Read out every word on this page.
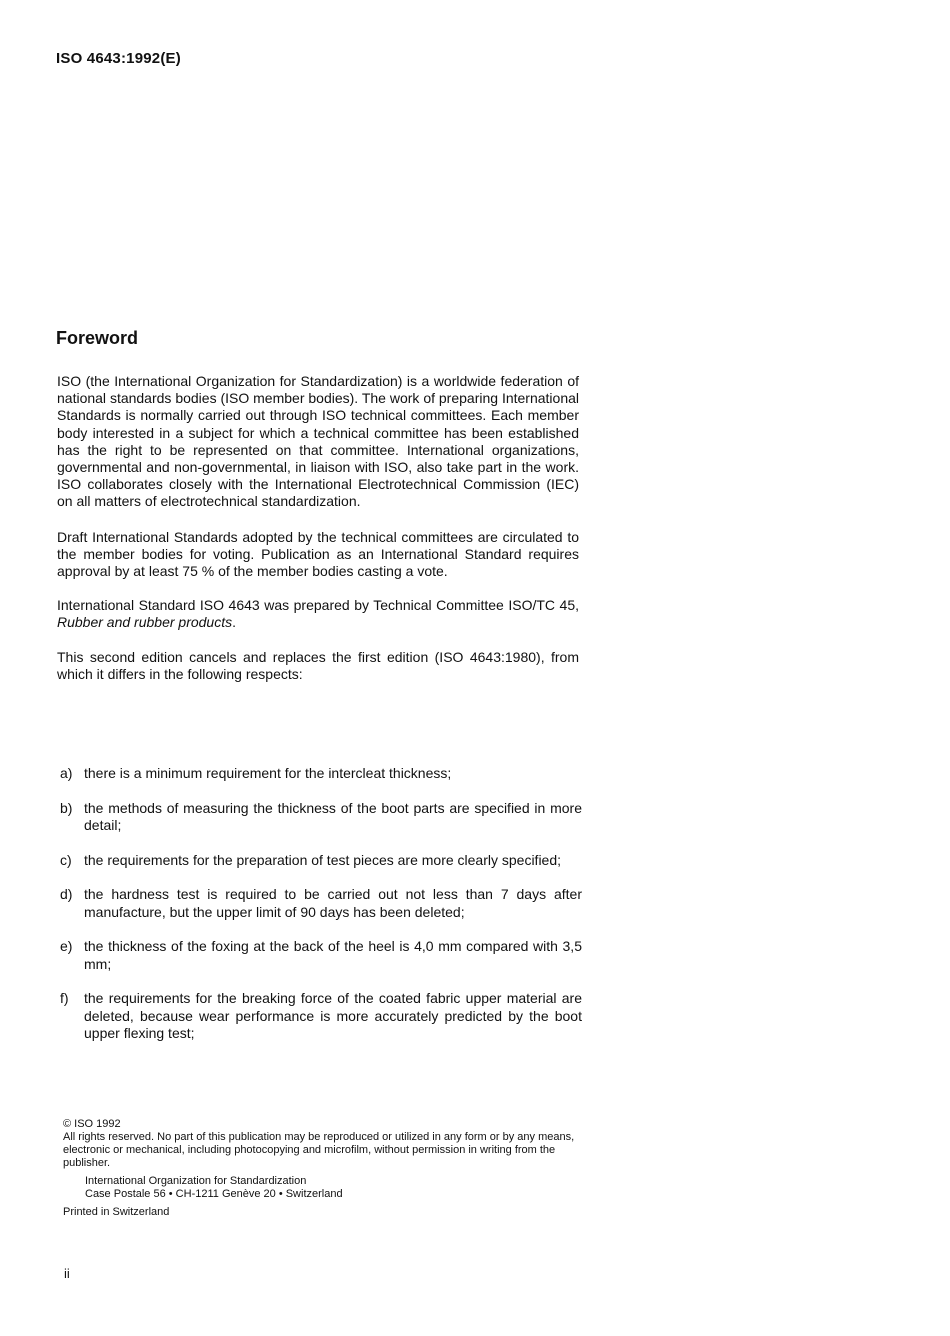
ISO 4643:1992(E)
Foreword

ISO (the International Organization for Standardization) is a worldwide federation of national standards bodies (ISO member bodies). The work of preparing International Standards is normally carried out through ISO technical committees. Each member body interested in a subject for which a technical committee has been established has the right to be represented on that committee. International organizations, governmental and non-governmental, in liaison with ISO, also take part in the work. ISO collaborates closely with the International Electrotechnical Commission (IEC) on all matters of electrotechnical standardization.

Draft International Standards adopted by the technical committees are circulated to the member bodies for voting. Publication as an International Standard requires approval by at least 75 % of the member bodies casting a vote.

International Standard ISO 4643 was prepared by Technical Committee ISO/TC 45, Rubber and rubber products.

This second edition cancels and replaces the first edition (ISO 4643:1980), from which it differs in the following respects:

a) there is a minimum requirement for the intercleat thickness;
b) the methods of measuring the thickness of the boot parts are specified in more detail;
c) the requirements for the preparation of test pieces are more clearly specified;
d) the hardness test is required to be carried out not less than 7 days after manufacture, but the upper limit of 90 days has been deleted;
e) the thickness of the foxing at the back of the heel is 4,0 mm compared with 3,5 mm;
f)	the requirements for the breaking force of the coated fabric upper material are deleted, because wear performance is more accurately predicted by the boot upper flexing test;

© ISO 1992

All rights reserved. No part of this publication may be reproduced or utilized in any form or by any means, electronic or mechanical, including photocopying and microfilm, without permission in writing from the publisher.

International Organization for Standardization

Case Postale 56 • CH-1211 Genève 20 • Switzerland

Printed in Switzerland

ii
